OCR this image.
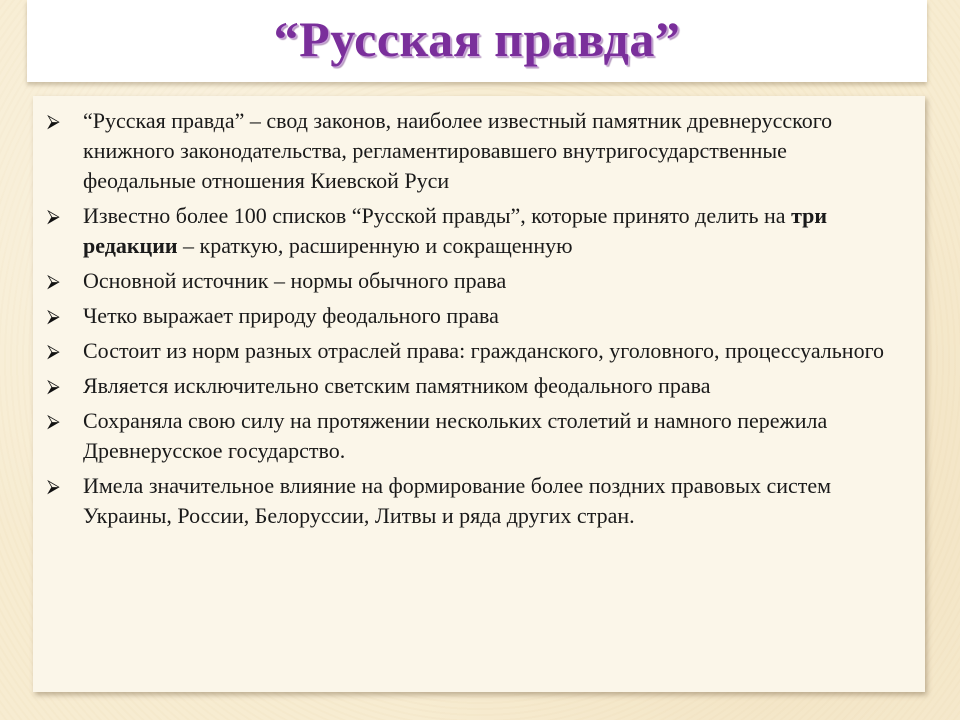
“Русская правда”
⮚ “Русская правда” – свод законов, наиболее известный памятник древнерусского книжного законодательства, регламентировавшего внутригосударственные феодальные отношения Киевской Руси
⮚ Известно более 100 списков “Русской правды”, которые принято делить на три редакции – краткую, расширенную и сокращенную
⮚ Основной источник – нормы обычного права
⮚ Четко выражает природу феодального права
⮚ Состоит из норм разных отраслей права: гражданского, уголовного, процессуального
⮚ Является исключительно светским памятником феодального права
⮚ Сохраняла свою силу на протяжении нескольких столетий и намного пережила Древнерусское государство.
⮚ Имела значительное влияние на формирование более поздних правовых систем Украины, России, Белоруссии, Литвы и ряда других стран.
